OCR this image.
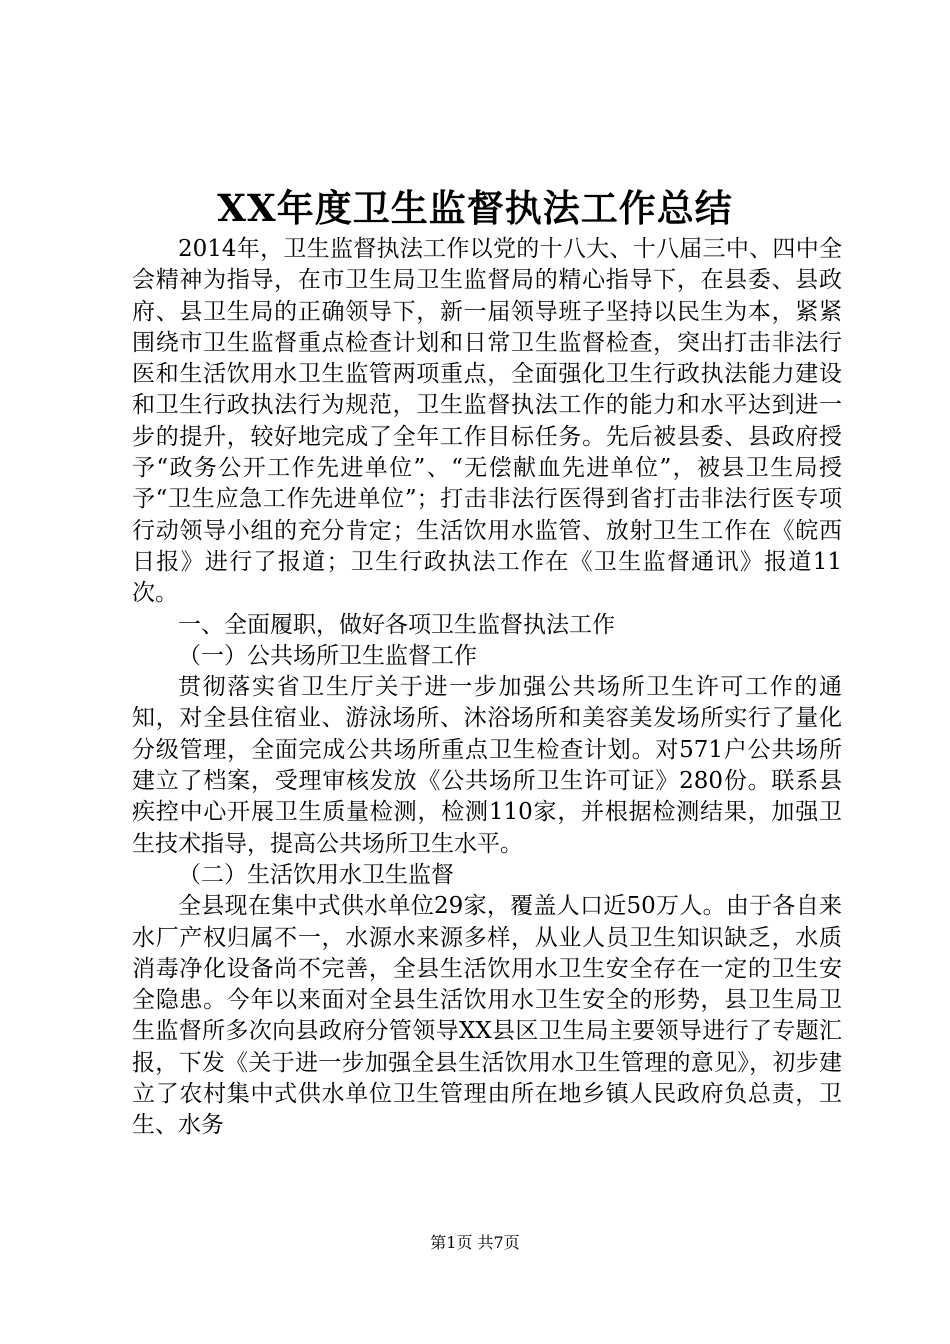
XX年度卫生监督执法工作总结

2014年，卫生监督执法工作以党的十八大、十八届三中、四中全会精神为指导，在市卫生局卫生监督局的精心指导下，在县委、县政府、县卫生局的正确领导下，新一届领导班子坚持以民生为本，紧紧围绕市卫生监督重点检查计划和日常卫生监督检查，突出打击非法行医和生活饮用水卫生监管两项重点，全面强化卫生行政执法能力建设和卫生行政执法行为规范，卫生监督执法工作的能力和水平达到进一步的提升，较好地完成了全年工作目标任务。先后被县委、县政府授予“政务公开工作先进单位”、“无偿献血先进单位”，被县卫生局授予“卫生应急工作先进单位”；打击非法行医得到省打击非法行医专项行动领导小组的充分肯定；生活饮用水监管、放射卫生工作在《皖西日报》进行了报道；卫生行政执法工作在《卫生监督通讯》报道11次。

一、全面履职，做好各项卫生监督执法工作

（一）公共场所卫生监督工作

贯彻落实省卫生厅关于进一步加强公共场所卫生许可工作的通知，对全县住宿业、游泳场所、沐浴场所和美容美发场所实行了量化分级管理，全面完成公共场所重点卫生检查计划。对571户公共场所建立了档案，受理审核发放《公共场所卫生许可证》280份。联系县疾控中心开展卫生质量检测，检测110家，并根据检测结果，加强卫生技术指导，提高公共场所卫生水平。

（二）生活饮用水卫生监督

全县现在集中式供水单位29家，覆盖人口近50万人。由于各自来水厂产权归属不一，水源水来源多样，从业人员卫生知识缺乏，水质消毒净化设备尚不完善，全县生活饮用水卫生安全存在一定的卫生安全隐患。今年以来面对全县生活饮用水卫生安全的形势，县卫生局卫生监督所多次向县政府分管领导XX县区卫生局主要领导进行了专题汇报，下发《关于进一步加强全县生活饮用水卫生管理的意见》，初步建立了农村集中式供水单位卫生管理由所在地乡镇人民政府负总责，卫生、水务

第1页 共7页
